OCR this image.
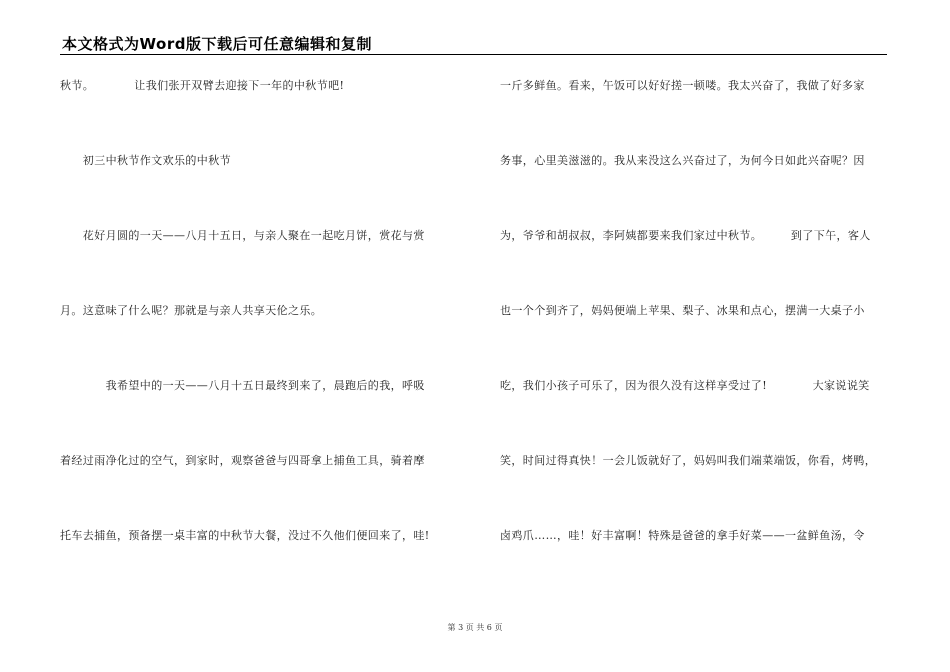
本文格式为Word版下载后可任意编辑和复制
秋节。　　　　让我们张开双臂去迎接下一年的中秋节吧!
　　初三中秋节作文欢乐的中秋节
　　花好月圆的一天——八月十五日，与亲人聚在一起吃月饼，赏花与赏
月。这意味了什么呢？那就是与亲人共享天伦之乐。
　　　　我希望中的一天——八月十五日最终到来了，晨跑后的我，呼吸
着经过雨净化过的空气，到家时，观察爸爸与四哥拿上捕鱼工具，骑着摩
托车去捕鱼，预备摆一桌丰富的中秋节大餐，没过不久他们便回来了，哇!
一斤多鲜鱼。看来，午饭可以好好搓一顿喽。我太兴奋了，我做了好多家
务事，心里美滋滋的。我从来没这么兴奋过了，为何今日如此兴奋呢？因
为，爷爷和胡叔叔，李阿姨都要来我们家过中秋节。　　　到了下午，客人
也一个个到齐了，妈妈便端上苹果、梨子、冰果和点心，摆满一大桌子小
吃，我们小孩子可乐了，因为很久没有这样享受过了!　　　　大家说说笑
笑，时间过得真快！一会儿饭就好了，妈妈叫我们端菜端饭，你看，烤鸭，
卤鸡爪……，哇！好丰富啊！特殊是爸爸的拿手好菜——一盆鲜鱼汤，令
第 3 页 共 6 页
